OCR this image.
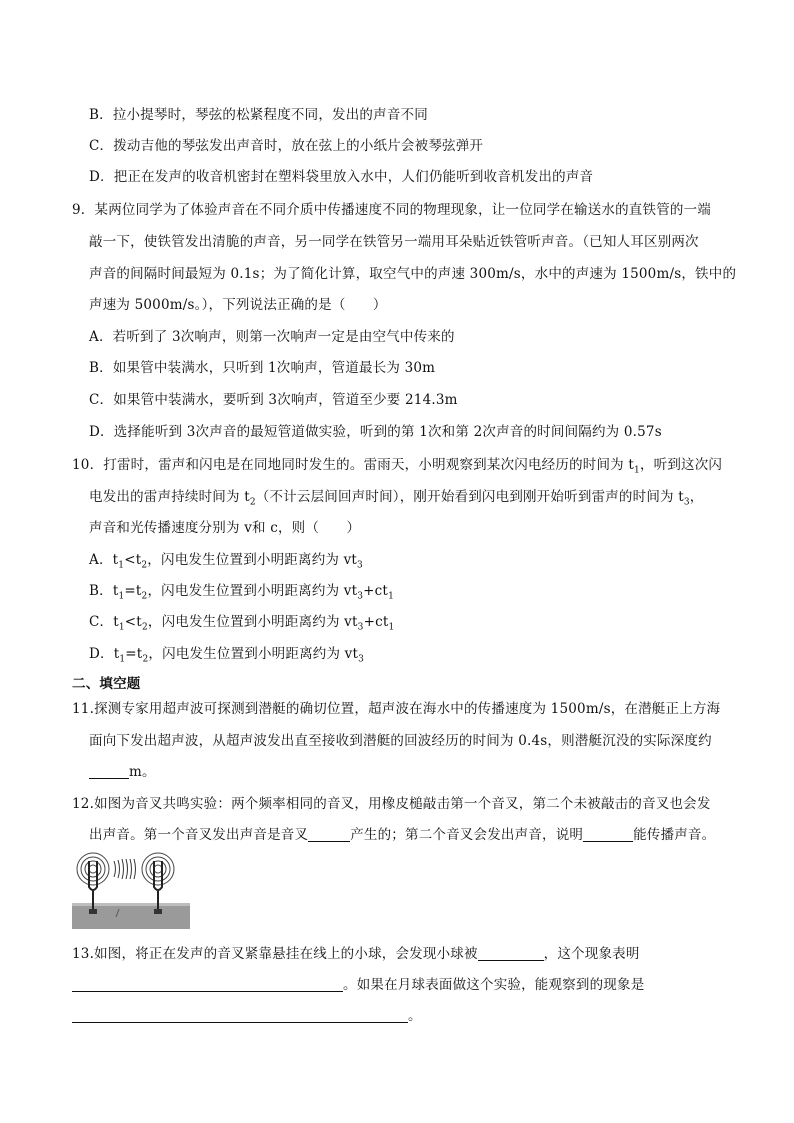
B．拉小提琴时，琴弦的松紧程度不同，发出的声音不同
C．拨动吉他的琴弦发出声音时，放在弦上的小纸片会被琴弦弹开
D．把正在发声的收音机密封在塑料袋里放入水中，人们仍能听到收音机发出的声音
9．某两位同学为了体验声音在不同介质中传播速度不同的物理现象，让一位同学在输送水的直铁管的一端
敲一下，使铁管发出清脆的声音，另一同学在铁管另一端用耳朵贴近铁管听声音。（已知人耳区别两次
声音的间隔时间最短为 0.1s；为了简化计算，取空气中的声速 300m/s，水中的声速为 1500m/s，铁中的
声速为 5000m/s。），下列说法正确的是（　　）
A．若听到了 3次响声，则第一次响声一定是由空气中传来的
B．如果管中装满水，只听到 1次响声，管道最长为 30m
C．如果管中装满水，要听到 3次响声，管道至少要 214.3m
D．选择能听到 3次声音的最短管道做实验，听到的第 1次和第 2次声音的时间间隔约为 0.57s
10．打雷时，雷声和闪电是在同地同时发生的。雷雨天，小明观察到某次闪电经历的时间为 $t_1$，听到这次闪
电发出的雷声持续时间为 $t_2$（不计云层间回声时间），刚开始看到闪电到刚开始听到雷声的时间为 $t_3$，
声音和光传播速度分别为 v和 c，则（　　）
A．$t_1<t_2$，闪电发生位置到小明距离约为 $vt_3$
B．$t_1=t_2$，闪电发生位置到小明距离约为 $vt_3+ct_1$
C．$t_1<t_2$，闪电发生位置到小明距离约为 $vt_3+ct_1$
D．$t_1=t_2$，闪电发生位置到小明距离约为 $vt_3$
二、填空题
11.探测专家用超声波可探测到潜艇的确切位置，超声波在海水中的传播速度为 1500m/s，在潜艇正上方海
面向下发出超声波，从超声波发出直至接收到潜艇的回波经历的时间为 0.4s，则潜艇沉没的实际深度约
m。
12.如图为音叉共鸣实验：两个频率相同的音叉，用橡皮槌敲击第一个音叉，第二个未被敲击的音叉也会发
出声音。第一个音叉发出声音是音叉	产生的；第二个音叉会发出声音，说明	能传播声音。
13.如图，将正在发声的音叉紧靠悬挂在线上的小球，会发现小球被	，这个现象表明
。如果在月球表面做这个实验，能观察到的现象是
。
